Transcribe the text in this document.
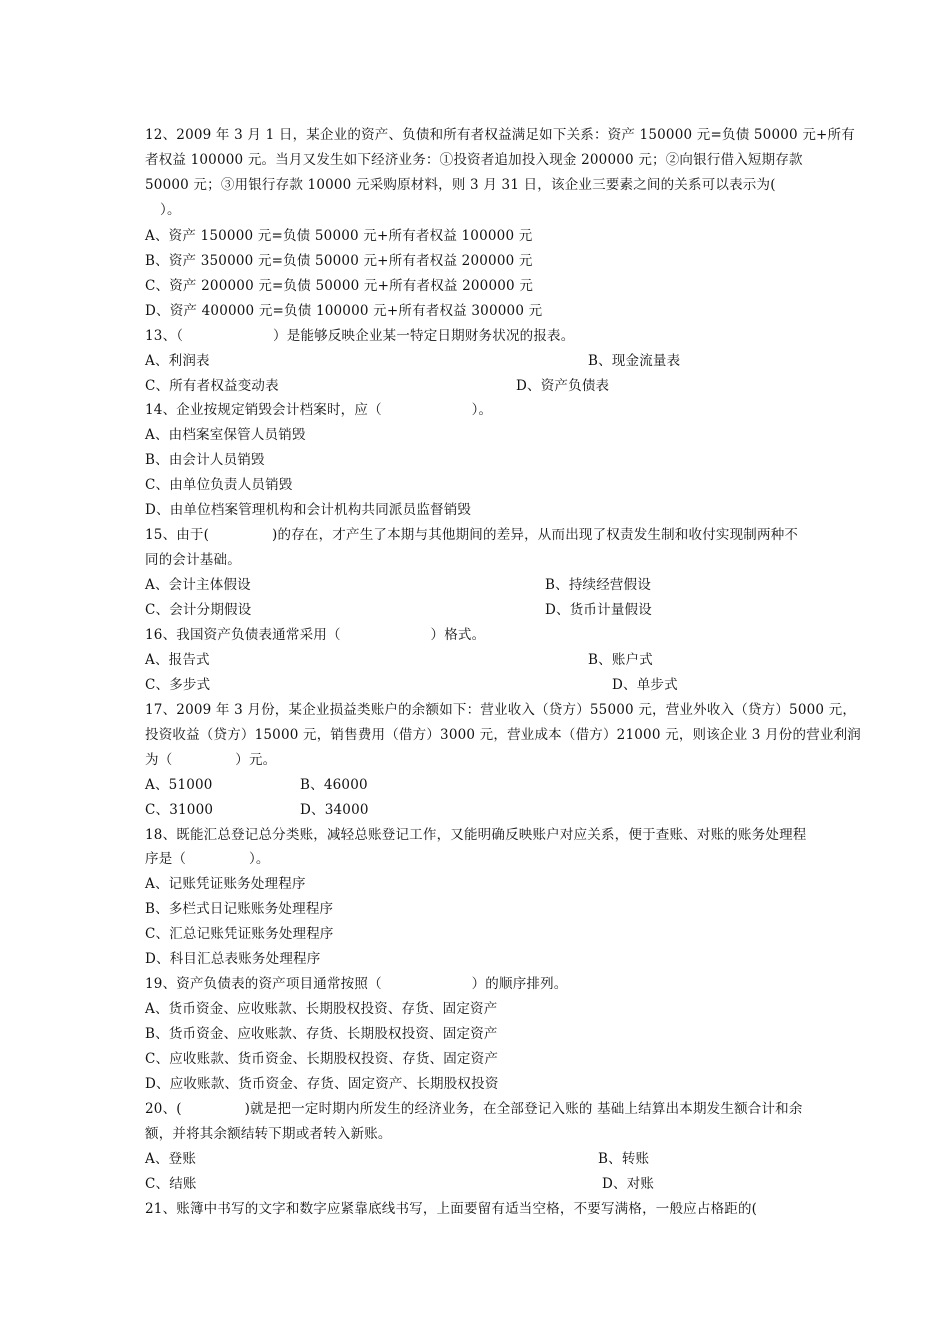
12、2009 年 3 月 1 日，某企业的资产、负债和所有者权益满足如下关系：资产 150000 元=负债 50000 元+所有
者权益 100000 元。当月又发生如下经济业务：①投资者追加投入现金 200000 元；②向银行借入短期存款
50000 元；③用银行存款 10000 元采购原材料，则 3 月 31 日，该企业三要素之间的关系可以表示为(
）。
A、资产 150000 元=负债 50000 元+所有者权益 100000 元
B、资产 350000 元=负债 50000 元+所有者权益 200000 元
C、资产 200000 元=负债 50000 元+所有者权益 200000 元
D、资产 400000 元=负债 100000 元+所有者权益 300000 元
13、（                    ）是能够反映企业某一特定日期财务状况的报表。
A、利润表	B、现金流量表
C、所有者权益变动表	D、资产负债表
14、企业按规定销毁会计档案时，应（                    ）。
A、由档案室保管人员销毁
B、由会计人员销毁
C、由单位负责人员销毁
D、由单位档案管理机构和会计机构共同派员监督销毁
15、由于(              )的存在，才产生了本期与其他期间的差异，从而出现了权责发生制和收付实现制两种不
同的会计基础。
A、会计主体假设	B、持续经营假设
C、会计分期假设	D、货币计量假设
16、我国资产负债表通常采用（                    ）格式。
A、报告式	B、账户式
C、多步式	D、单步式
17、2009 年 3 月份，某企业损益类账户的余额如下：营业收入（贷方）55000 元，营业外收入（贷方）5000 元，
投资收益（贷方）15000 元，销售费用（借方）3000 元，营业成本（借方）21000 元，则该企业 3 月份的营业利润
为（              ）元。
A、51000	B、46000
C、31000	D、34000
18、既能汇总登记总分类账，减轻总账登记工作，又能明确反映账户对应关系，便于查账、对账的账务处理程
序是（              ）。
A、记账凭证账务处理程序
B、多栏式日记账账务处理程序
C、汇总记账凭证账务处理程序
D、科目汇总表账务处理程序
19、资产负债表的资产项目通常按照（                    ）的顺序排列。
A、货币资金、应收账款、长期股权投资、存货、固定资产
B、货币资金、应收账款、存货、长期股权投资、固定资产
C、应收账款、货币资金、长期股权投资、存货、固定资产
D、应收账款、货币资金、存货、固定资产、长期股权投资
20、(              )就是把一定时期内所发生的经济业务，在全部登记入账的 基础上结算出本期发生额合计和余
额，并将其余额结转下期或者转入新账。
A、登账	B、转账
C、结账	D、对账
21、账簿中书写的文字和数字应紧靠底线书写，上面要留有适当空格，不要写满格，一般应占格距的(
